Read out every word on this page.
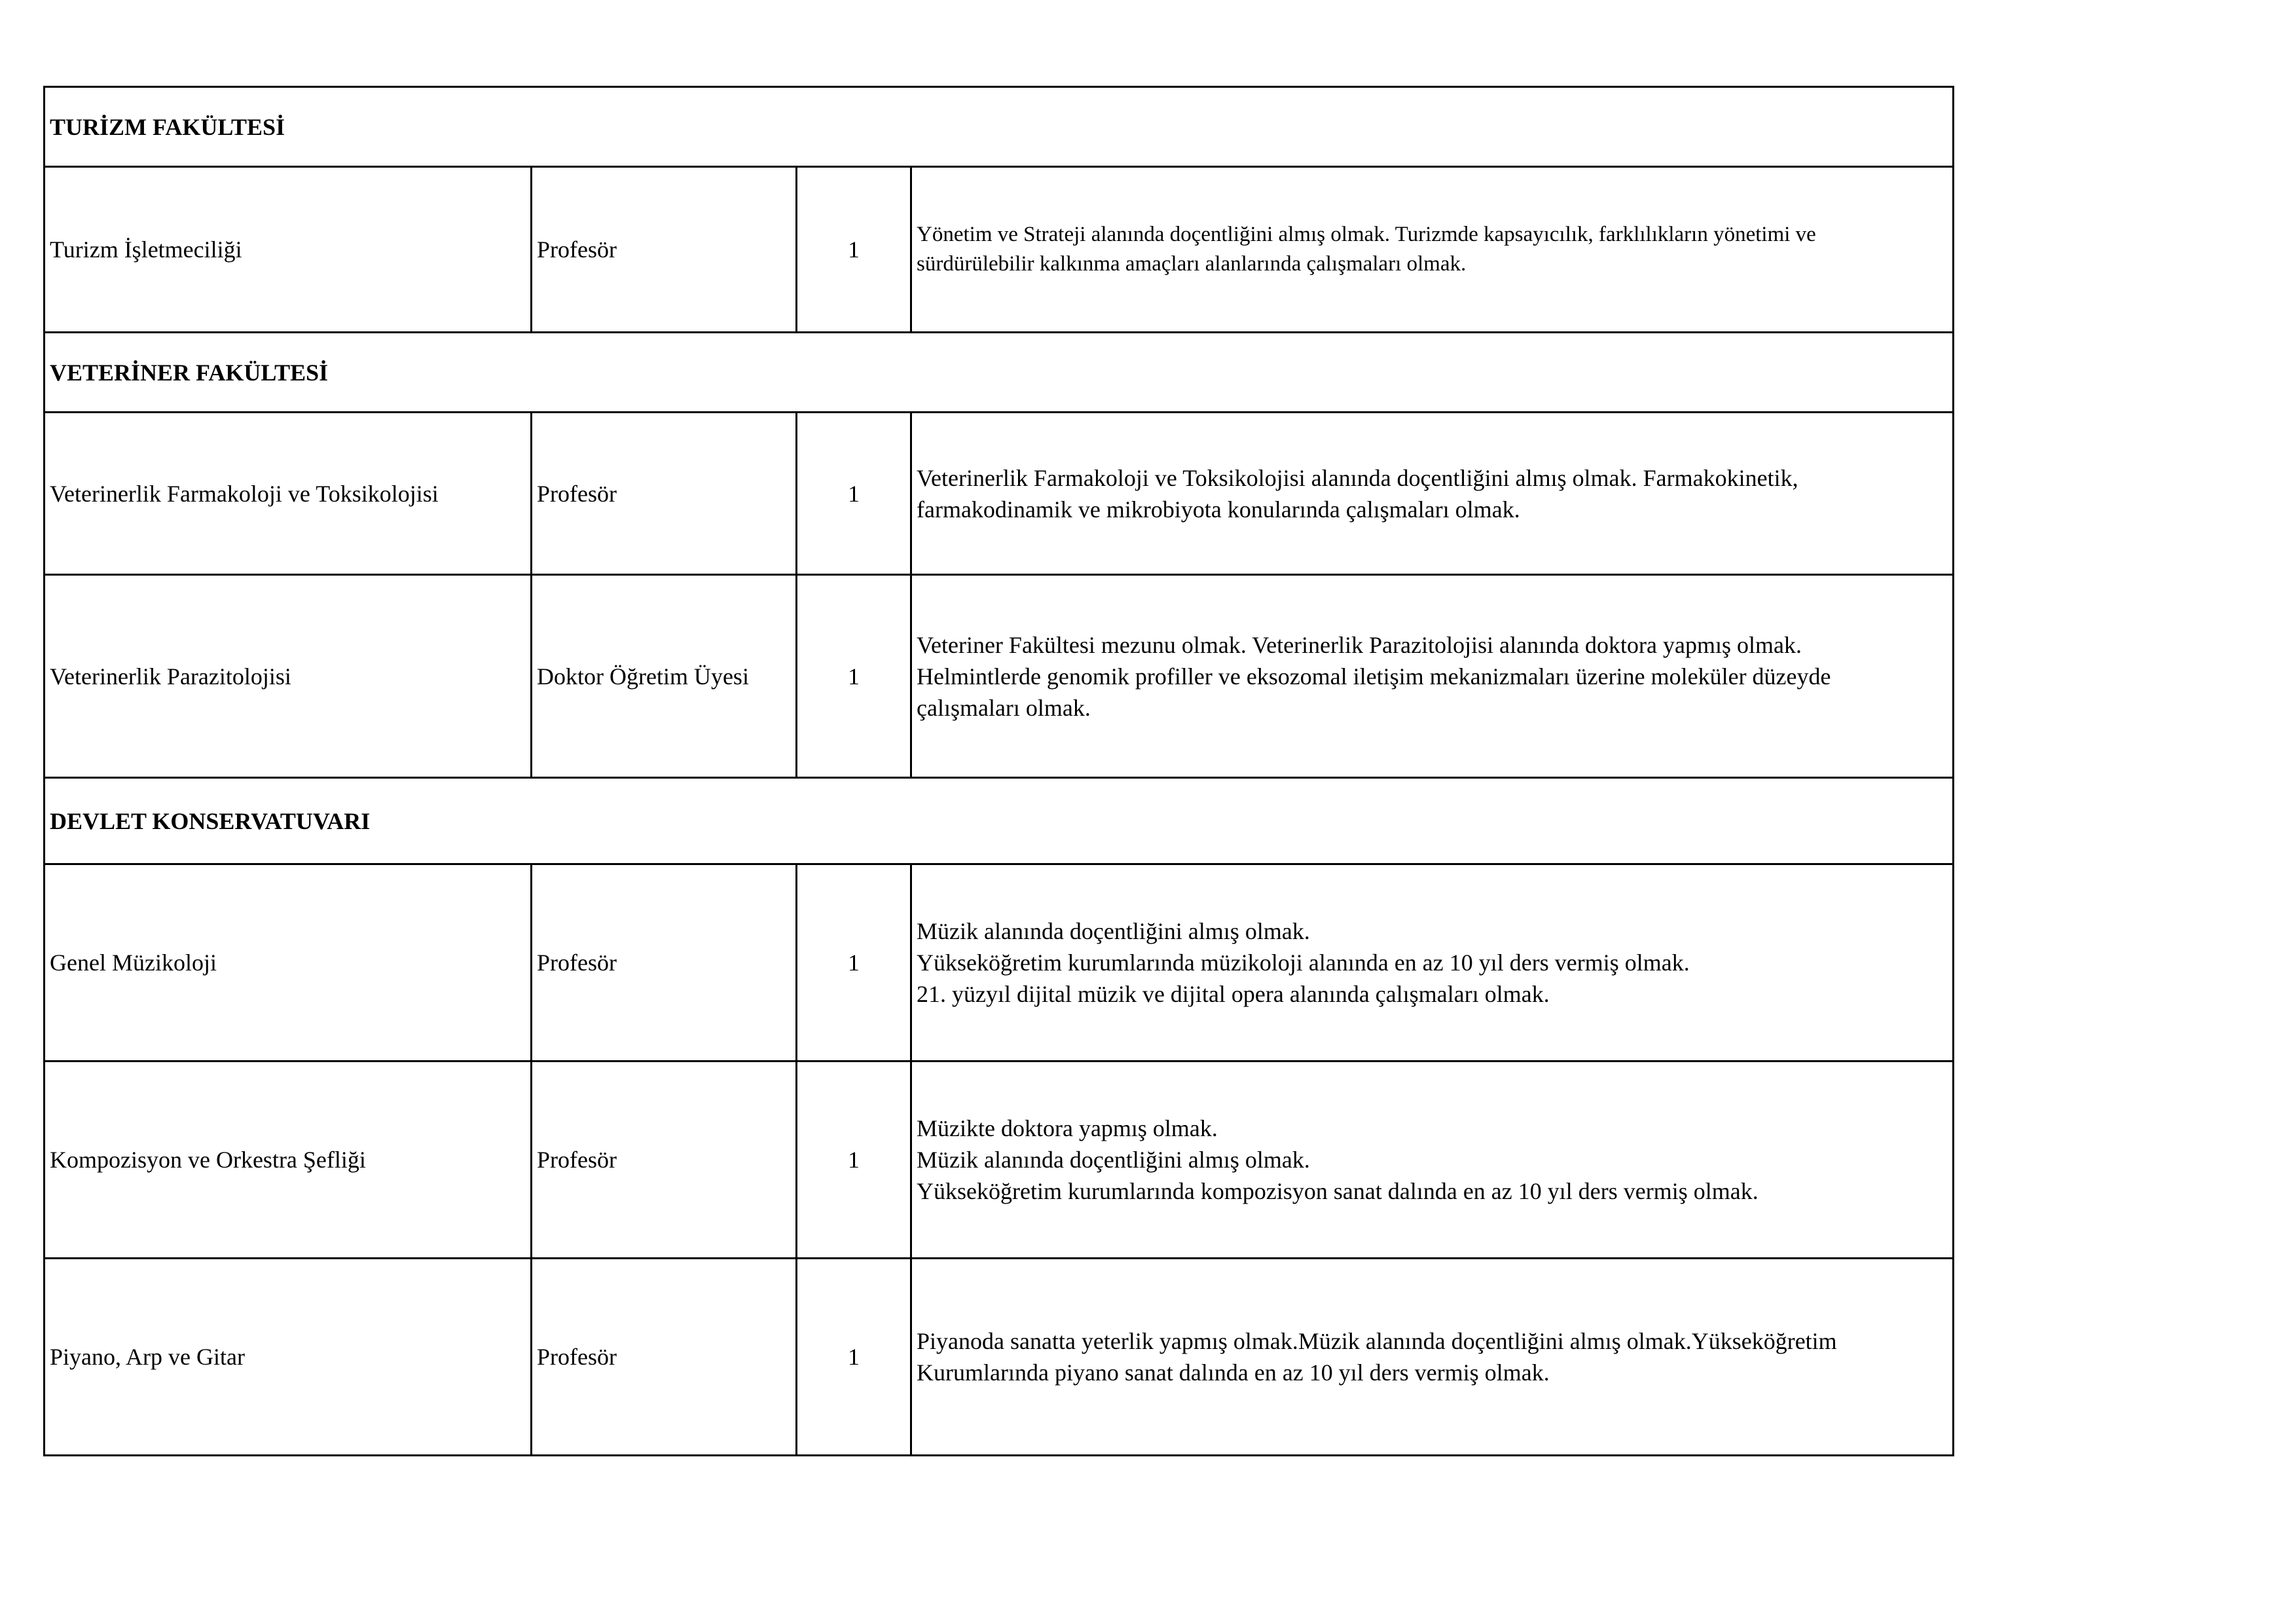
TURİZM FAKÜLTESİ			
Turizm İşletmeciliği	Profesör	1	Yönetim ve Strateji alanında doçentliğini almış olmak. Turizmde kapsayıcılık, farklılıkların yönetimi ve
sürdürülebilir kalkınma amaçları alanlarında çalışmaları olmak.

VETERİNER FAKÜLTESİ			
Veterinerlik Farmakoloji ve Toksikolojisi	Profesör	1	Veterinerlik Farmakoloji ve Toksikolojisi alanında doçentliğini almış olmak. Farmakokinetik,
farmakodinamik ve mikrobiyota konularında çalışmaları olmak.

Veterinerlik Parazitolojisi	Doktor Öğretim Üyesi	1	Veteriner Fakültesi mezunu olmak. Veterinerlik Parazitolojisi alanında doktora yapmış olmak.
Helmintlerde genomik profiller ve eksozomal iletişim mekanizmaları üzerine moleküler düzeyde
çalışmaları olmak.

DEVLET KONSERVATUVARI			
Genel Müzikoloji	Profesör	1	Müzik alanında doçentliğini almış olmak.
Yükseköğretim kurumlarında müzikoloji alanında en az 10 yıl ders vermiş olmak.
21. yüzyıl dijital müzik ve dijital opera alanında çalışmaları olmak.

Kompozisyon ve Orkestra Şefliği	Profesör	1	Müzikte doktora yapmış olmak.
Müzik alanında doçentliğini almış olmak.
Yükseköğretim kurumlarında kompozisyon sanat dalında en az 10 yıl ders vermiş olmak.

Piyano, Arp ve Gitar	Profesör	1	Piyanoda sanatta yeterlik yapmış olmak.Müzik alanında doçentliğini almış olmak.Yükseköğretim
Kurumlarında piyano sanat dalında en az 10 yıl ders vermiş olmak.
